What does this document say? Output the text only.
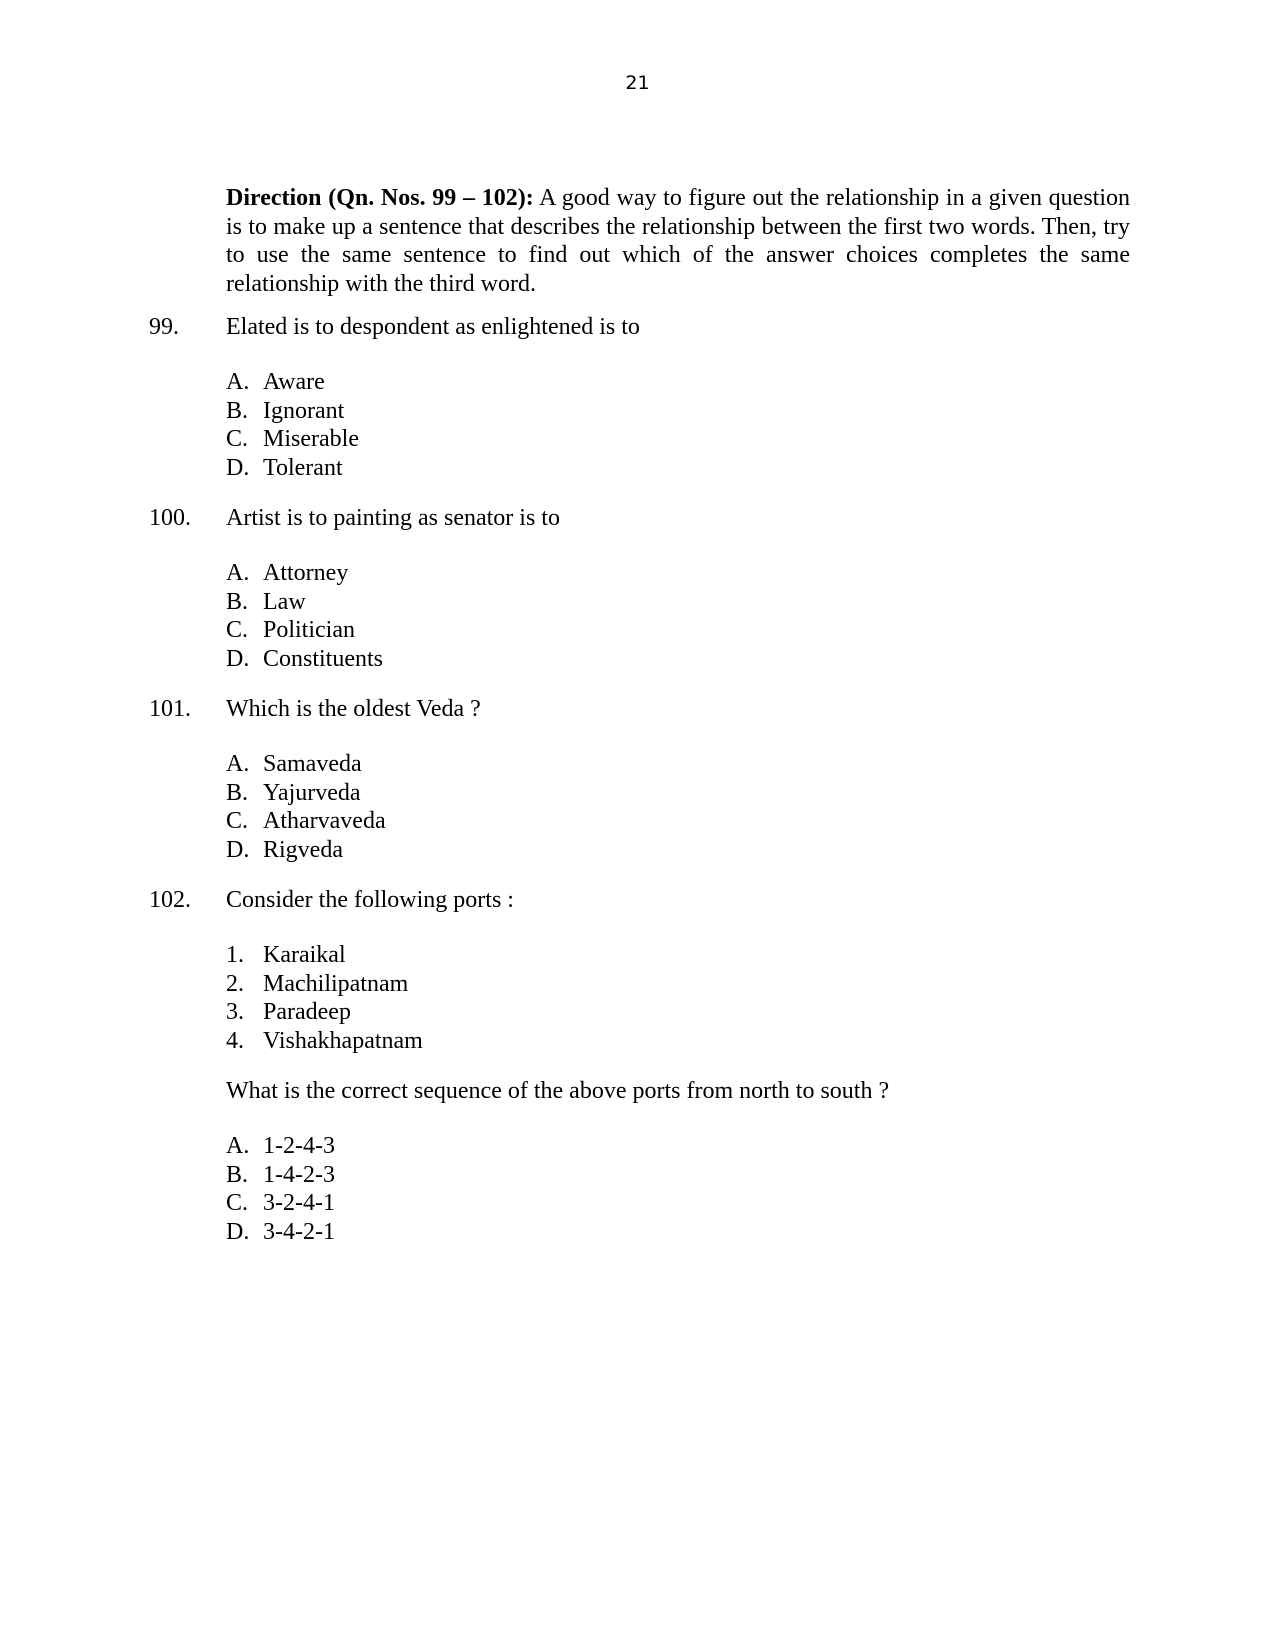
21
Direction (Qn. Nos. 99 – 102): A good way to figure out the relationship in a given question is to make up a sentence that describes the relationship between the first two words. Then, try to use the same sentence to find out which of the answer choices completes the same relationship with the third word.
99. Elated is to despondent as enlightened is to
A. Aware
B. Ignorant
C. Miserable
D. Tolerant
100. Artist is to painting as senator is to
A. Attorney
B. Law
C. Politician
D. Constituents
101. Which is the oldest Veda ?
A. Samaveda
B. Yajurveda
C. Atharvaveda
D. Rigveda
102. Consider the following ports :
1. Karaikal
2. Machilipatnam
3. Paradeep
4. Vishakhapatnam
What is the correct sequence of the above ports from north to south ?
A. 1-2-4-3
B. 1-4-2-3
C. 3-2-4-1
D. 3-4-2-1
